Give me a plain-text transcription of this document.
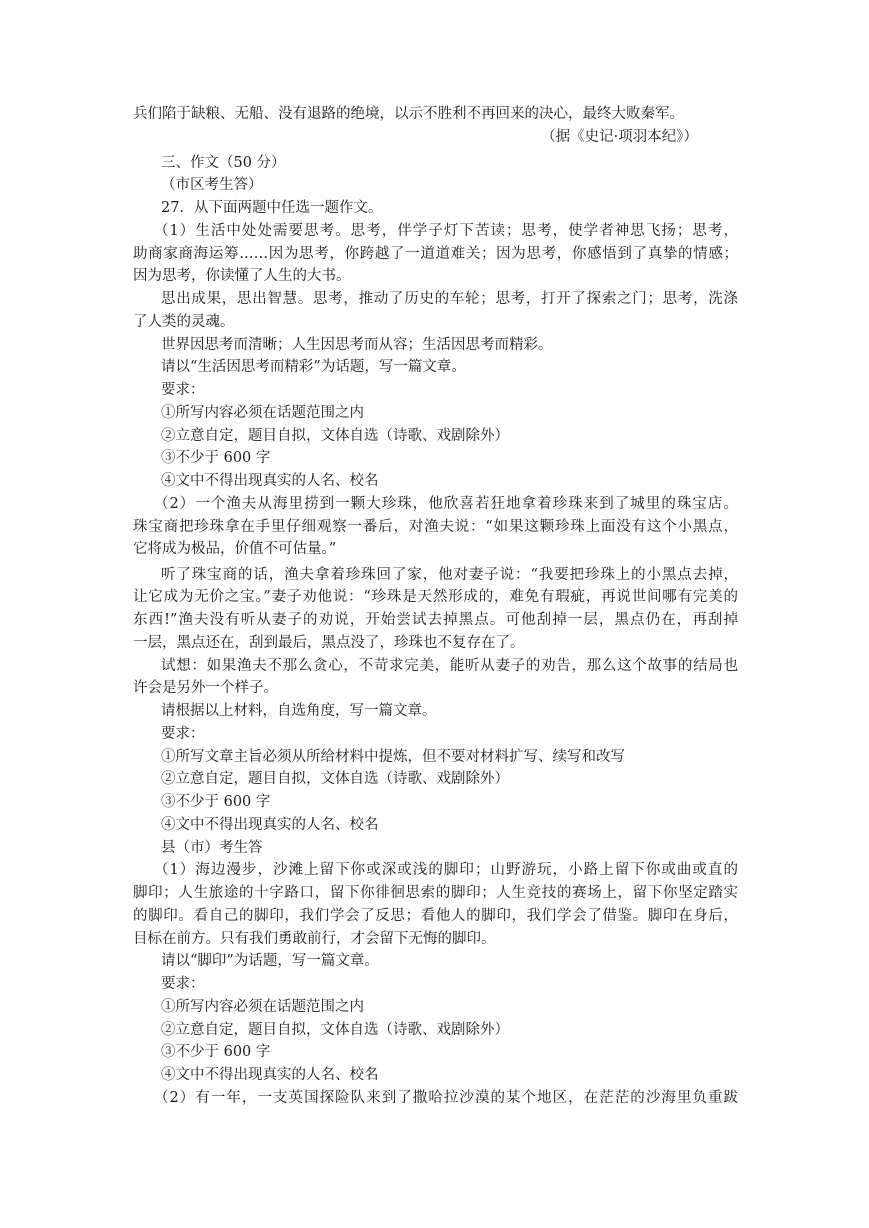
兵们陷于缺粮、无船、没有退路的绝境，以示不胜利不再回来的决心，最终大败秦军。
（据《史记·项羽本纪》）
三、作文（50 分）
（市区考生答）
27．从下面两题中任选一题作文。
（1）生活中处处需要思考。思考，伴学子灯下苦读；思考，使学者神思飞扬；思考，
助商家商海运筹……因为思考，你跨越了一道道难关；因为思考，你感悟到了真挚的情感；
因为思考，你读懂了人生的大书。
思出成果，思出智慧。思考，推动了历史的车轮；思考，打开了探索之门；思考，洗涤
了人类的灵魂。
世界因思考而清晰；人生因思考而从容；生活因思考而精彩。
请以“生活因思考而精彩”为话题，写一篇文章。
要求：
①所写内容必须在话题范围之内
②立意自定，题目自拟，文体自选（诗歌、戏剧除外）
③不少于 600 字
④文中不得出现真实的人名、校名
（2）一个渔夫从海里捞到一颗大珍珠，他欣喜若狂地拿着珍珠来到了城里的珠宝店。
珠宝商把珍珠拿在手里仔细观察一番后，对渔夫说：“如果这颗珍珠上面没有这个小黑点，
它将成为极品，价值不可估量。”
听了珠宝商的话，渔夫拿着珍珠回了家，他对妻子说：“我要把珍珠上的小黑点去掉，
让它成为无价之宝。”妻子劝他说：“珍珠是天然形成的，难免有瑕疵，再说世间哪有完美的
东西!”渔夫没有听从妻子的劝说，开始尝试去掉黑点。可他刮掉一层，黑点仍在，再刮掉
一层，黑点还在，刮到最后，黑点没了，珍珠也不复存在了。
试想：如果渔夫不那么贪心，不苛求完美，能听从妻子的劝告，那么这个故事的结局也
许会是另外一个样子。
请根据以上材料，自选角度，写一篇文章。
要求：
①所写文章主旨必须从所给材料中提炼，但不要对材料扩写、续写和改写
②立意自定，题目自拟，文体自选（诗歌、戏剧除外）
③不少于 600 字
④文中不得出现真实的人名、校名
县（市）考生答
（1）海边漫步，沙滩上留下你或深或浅的脚印；山野游玩，小路上留下你或曲或直的
脚印；人生旅途的十字路口，留下你徘徊思索的脚印；人生竞技的赛场上，留下你坚定踏实
的脚印。看自己的脚印，我们学会了反思；看他人的脚印，我们学会了借鉴。脚印在身后，
目标在前方。只有我们勇敢前行，才会留下无悔的脚印。
请以“脚印”为话题，写一篇文章。
要求：
①所写内容必须在话题范围之内
②立意自定，题目自拟，文体自选（诗歌、戏剧除外）
③不少于 600 字
④文中不得出现真实的人名、校名
（2）有一年，一支英国探险队来到了撒哈拉沙漠的某个地区，在茫茫的沙海里负重跋
